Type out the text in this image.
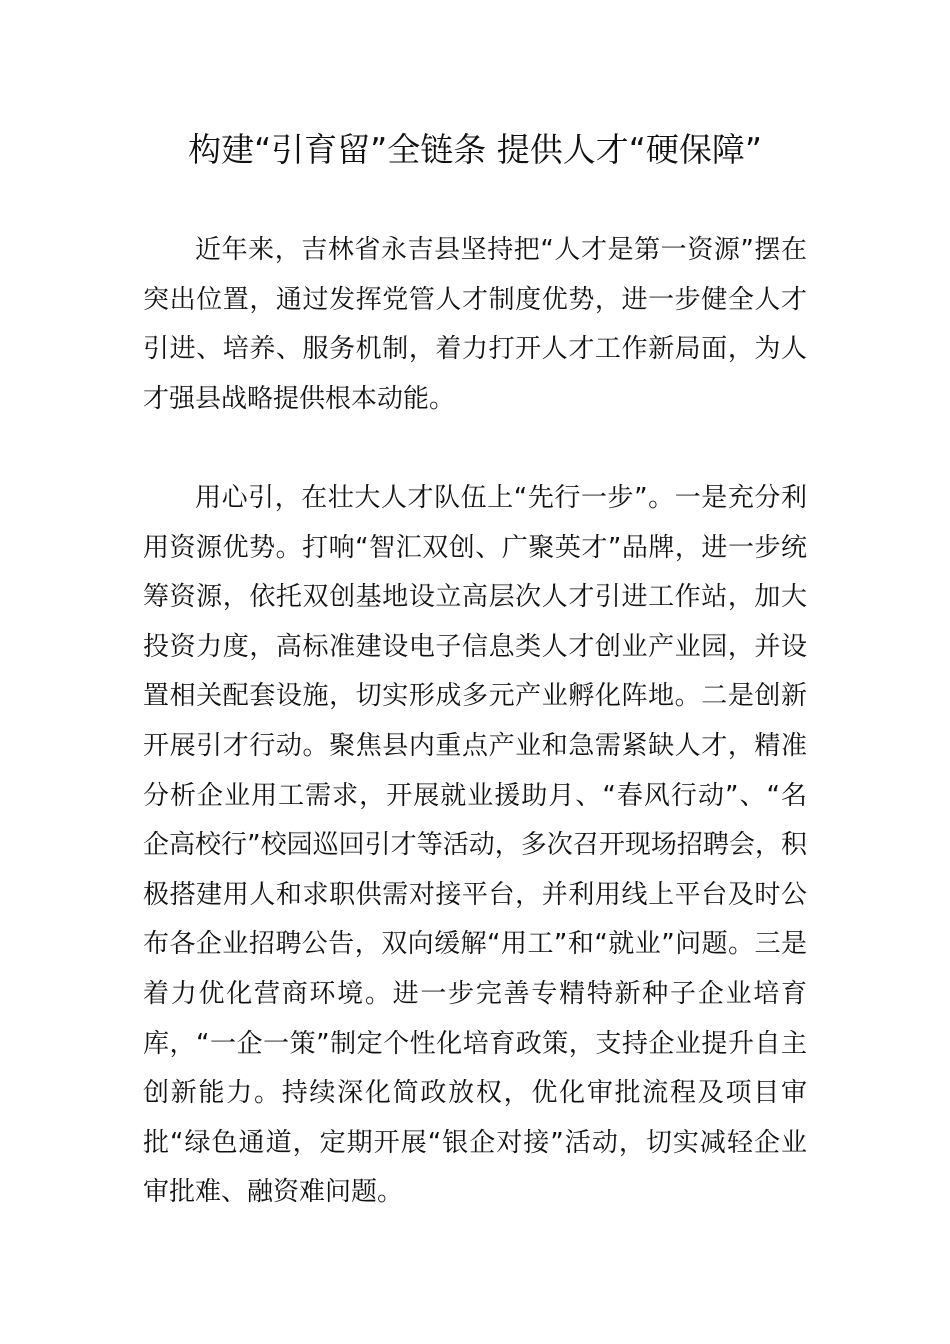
构建“引育留”全链条 提供人才“硬保障”

近年来，吉林省永吉县坚持把“人才是第一资源”摆在突出位置，通过发挥党管人才制度优势，进一步健全人才引进、培养、服务机制，着力打开人才工作新局面，为人才强县战略提供根本动能。

用心引，在壮大人才队伍上“先行一步”。一是充分利用资源优势。打响“智汇双创、广聚英才”品牌，进一步统筹资源，依托双创基地设立高层次人才引进工作站，加大投资力度，高标准建设电子信息类人才创业产业园，并设置相关配套设施，切实形成多元产业孵化阵地。二是创新开展引才行动。聚焦县内重点产业和急需紧缺人才，精准分析企业用工需求，开展就业援助月、“春风行动”、“名企高校行”校园巡回引才等活动，多次召开现场招聘会，积极搭建用人和求职供需对接平台，并利用线上平台及时公布各企业招聘公告，双向缓解“用工”和“就业”问题。三是着力优化营商环境。进一步完善专精特新种子企业培育库，“一企一策”制定个性化培育政策，支持企业提升自主创新能力。持续深化简政放权，优化审批流程及项目审批“绿色通道，定期开展“银企对接”活动，切实减轻企业审批难、融资难问题。
